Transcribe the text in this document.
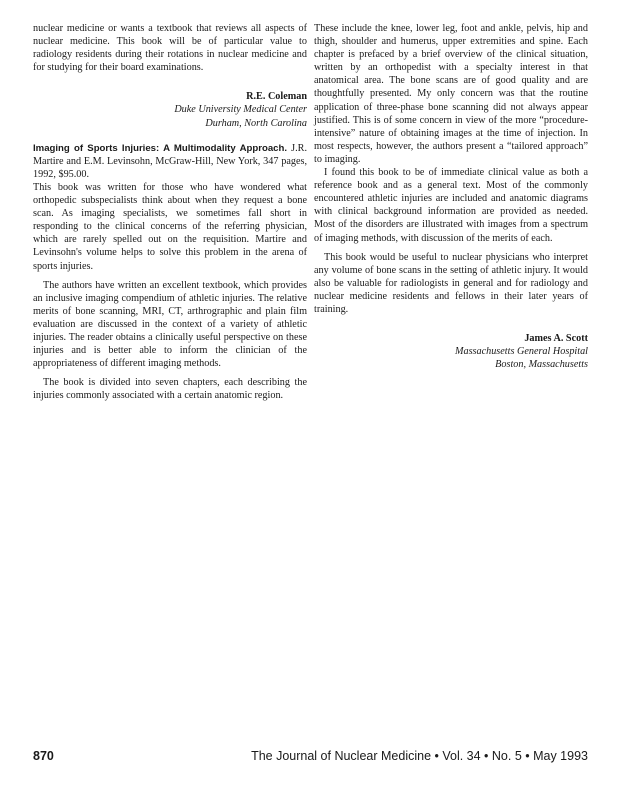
nuclear medicine or wants a textbook that reviews all aspects of nuclear medicine. This book will be of particular value to radiology residents during their rotations in nuclear medicine and for studying for their board examinations.

R.E. Coleman
Duke University Medical Center
Durham, North Carolina

Imaging of Sports Injuries: A Multimodality Approach. J.R. Martire and E.M. Levinsohn, McGraw-Hill, New York, 347 pages, 1992, $95.00.

This book was written for those who have wondered what orthopedic subspecialists think about when they request a bone scan. As imaging specialists, we sometimes fall short in responding to the clinical concerns of the referring physician, which are rarely spelled out on the requisition. Martire and Levinsohn's volume helps to solve this problem in the arena of sports injuries.

The authors have written an excellent textbook, which provides an inclusive imaging compendium of athletic injuries. The relative merits of bone scanning, MRI, CT, arthrographic and plain film evaluation are discussed in the context of a variety of athletic injuries. The reader obtains a clinically useful perspective on these injuries and is better able to inform the clinician of the appropriateness of different imaging methods.

The book is divided into seven chapters, each describing the injuries commonly associated with a certain anatomic region.

These include the knee, lower leg, foot and ankle, pelvis, hip and thigh, shoulder and humerus, upper extremities and spine. Each chapter is prefaced by a brief overview of the clinical situation, written by an orthopedist with a specialty interest in that anatomical area. The bone scans are of good quality and are thoughtfully presented. My only concern was that the routine application of three-phase bone scanning did not always appear justified. This is of some concern in view of the more “procedure-intensive” nature of obtaining images at the time of injection. In most respects, however, the authors present a “tailored approach” to imaging.

I found this book to be of immediate clinical value as both a reference book and as a general text. Most of the commonly encountered athletic injuries are included and anatomic diagrams with clinical background information are provided as needed. Most of the disorders are illustrated with images from a spectrum of imaging methods, with discussion of the merits of each.

This book would be useful to nuclear physicians who interpret any volume of bone scans in the setting of athletic injury. It would also be valuable for radiologists in general and for radiology and nuclear medicine residents and fellows in their later years of training.

James A. Scott
Massachusetts General Hospital
Boston, Massachusetts
870	The Journal of Nuclear Medicine • Vol. 34 • No. 5 • May 1993
